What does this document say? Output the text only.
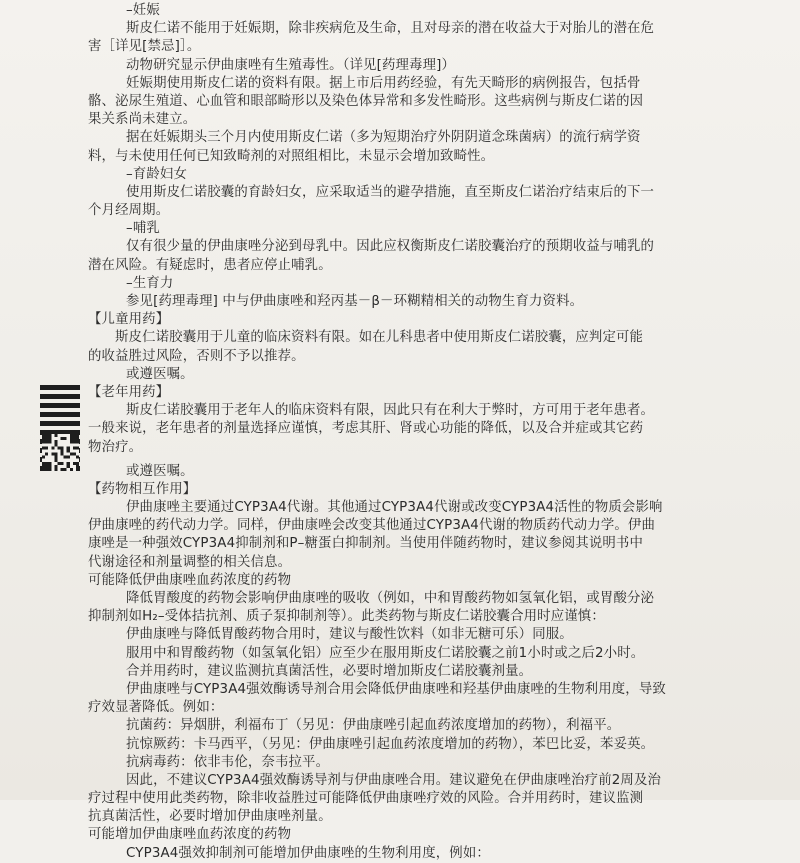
–妊娠
斯皮仁诺不能用于妊娠期，除非疾病危及生命，且对母亲的潜在收益大于对胎儿的潜在危
害［详见[禁忌]］。
动物研究显示伊曲康唑有生殖毒性。（详见[药理毒理]）
妊娠期使用斯皮仁诺的资料有限。据上市后用药经验，有先天畸形的病例报告，包括骨
骼、泌尿生殖道、心血管和眼部畸形以及染色体异常和多发性畸形。这些病例与斯皮仁诺的因
果关系尚未建立。
据在妊娠期头三个月内使用斯皮仁诺（多为短期治疗外阴阴道念珠菌病）的流行病学资
料，与未使用任何已知致畸剂的对照组相比，未显示会增加致畸性。
–育龄妇女
使用斯皮仁诺胶囊的育龄妇女，应采取适当的避孕措施，直至斯皮仁诺治疗结束后的下一
个月经周期。
–哺乳
仅有很少量的伊曲康唑分泌到母乳中。因此应权衡斯皮仁诺胶囊治疗的预期收益与哺乳的
潜在风险。有疑虑时，患者应停止哺乳。
–生育力
参见[药理毒理] 中与伊曲康唑和羟丙基－β－环糊精相关的动物生育力资料。
【儿童用药】
斯皮仁诺胶囊用于儿童的临床资料有限。如在儿科患者中使用斯皮仁诺胶囊，应判定可能
的收益胜过风险，否则不予以推荐。
或遵医嘱。
【老年用药】
斯皮仁诺胶囊用于老年人的临床资料有限，因此只有在利大于弊时，方可用于老年患者。
一般来说，老年患者的剂量选择应谨慎，考虑其肝、肾或心功能的降低，以及合并症或其它药
物治疗。
或遵医嘱。
【药物相互作用】
伊曲康唑主要通过CYP3A4代谢。其他通过CYP3A4代谢或改变CYP3A4活性的物质会影响
伊曲康唑的药代动力学。同样，伊曲康唑会改变其他通过CYP3A4代谢的物质药代动力学。伊曲
康唑是一种强效CYP3A4抑制剂和P–糖蛋白抑制剂。当使用伴随药物时，建议参阅其说明书中
代谢途径和剂量调整的相关信息。
可能降低伊曲康唑血药浓度的药物
降低胃酸度的药物会影响伊曲康唑的吸收（例如，中和胃酸药物如氢氧化铝，或胃酸分泌
抑制剂如H₂–受体拮抗剂、质子泵抑制剂等）。此类药物与斯皮仁诺胶囊合用时应谨慎：
伊曲康唑与降低胃酸药物合用时，建议与酸性饮料（如非无糖可乐）同服。
服用中和胃酸药物（如氢氧化铝）应至少在服用斯皮仁诺胶囊之前1小时或之后2小时。
合并用药时，建议监测抗真菌活性，必要时增加斯皮仁诺胶囊剂量。
伊曲康唑与CYP3A4强效酶诱导剂合用会降低伊曲康唑和羟基伊曲康唑的生物利用度，导致
疗效显著降低。例如：
抗菌药：异烟肼，利福布丁（另见：伊曲康唑引起血药浓度增加的药物），利福平。
抗惊厥药：卡马西平，（另见：伊曲康唑引起血药浓度增加的药物），苯巴比妥，苯妥英。
抗病毒药：依非韦伦，奈韦拉平。
因此，不建议CYP3A4强效酶诱导剂与伊曲康唑合用。建议避免在伊曲康唑治疗前2周及治
疗过程中使用此类药物，除非收益胜过可能降低伊曲康唑疗效的风险。合并用药时，建议监测
抗真菌活性，必要时增加伊曲康唑剂量。
可能增加伊曲康唑血药浓度的药物
CYP3A4强效抑制剂可能增加伊曲康唑的生物利用度，例如：
